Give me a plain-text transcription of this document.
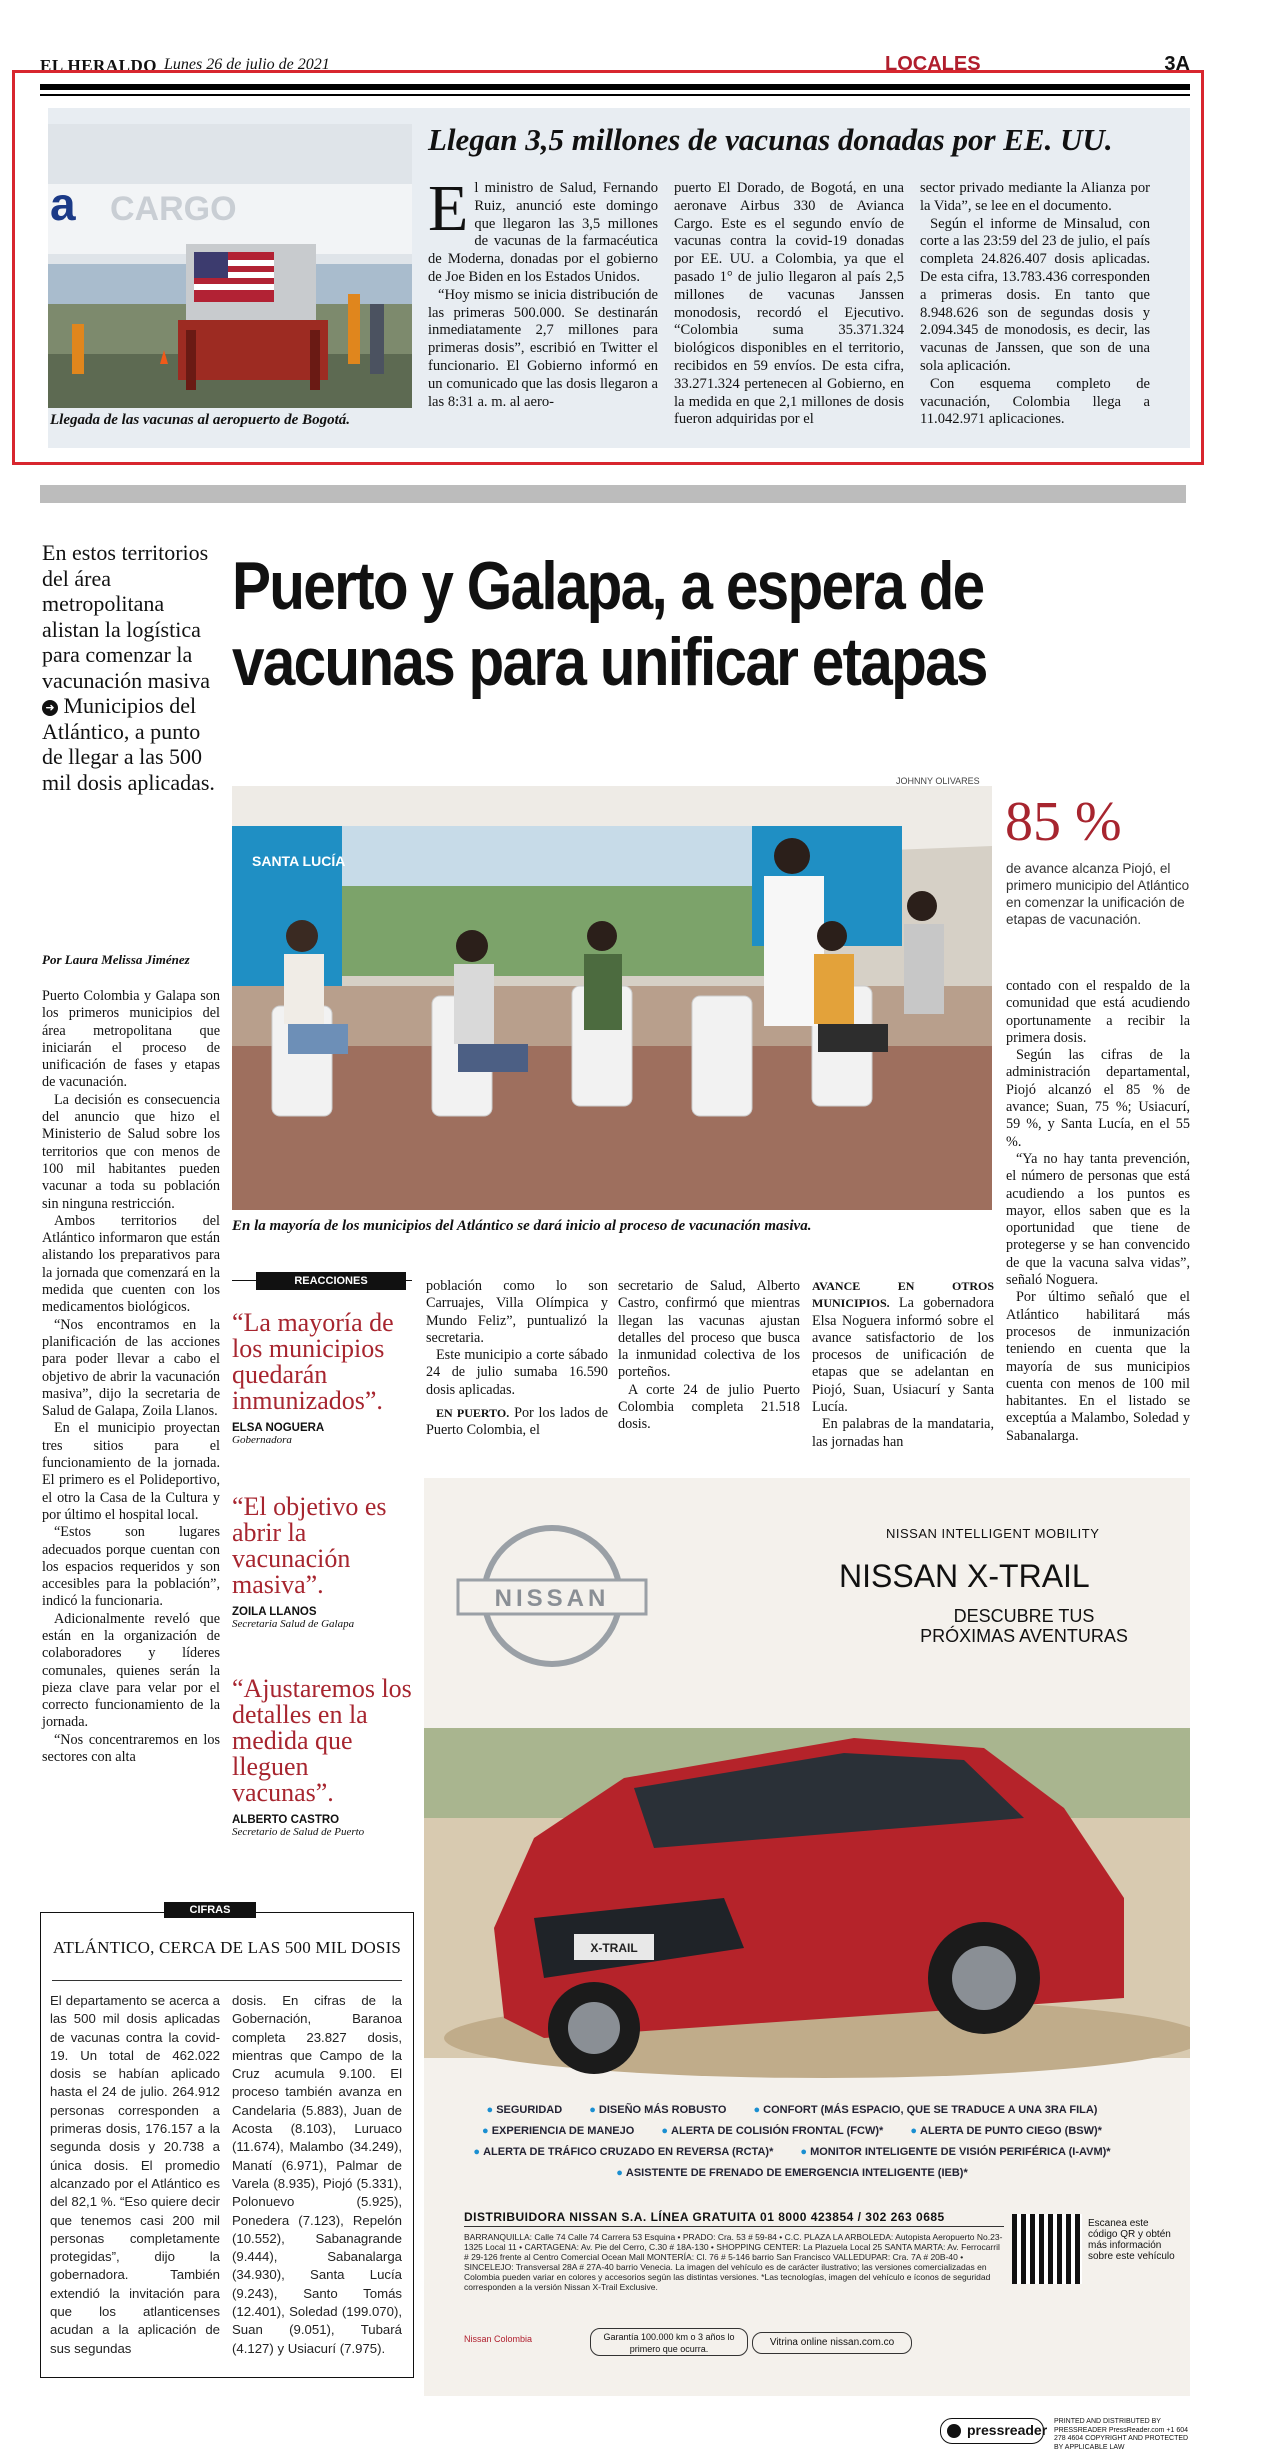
EL HERALDO Lunes 26 de julio de 2021	LOCALES	3A
a CARGO
Llegada de las vacunas al aeropuerto de Bogotá.
Llegan 3,5 millones de vacunas donadas por EE. UU.
E l ministro de Salud, Fernando Ruiz, anunció este domingo que llegaron las 3,5 millones de vacunas de la farmacéutica de Moderna, donadas por el gobierno de Joe Biden en los Estados Unidos.

“Hoy mismo se inicia distribución de las primeras 500.000. Se destinarán inmediatamente 2,7 millones para primeras dosis”, escribió en Twitter el funcionario. El Gobierno informó en un comunicado que las dosis llegaron a las 8:31 a. m. al aero-

puerto El Dorado, de Bogotá, en una aeronave Airbus 330 de Avianca Cargo. Este es el segundo envío de vacunas contra la covid-19 donadas por EE. UU. a Colombia, ya que el pasado 1° de julio llegaron al país 2,5 millones de vacunas Janssen monodosis, recordó el Ejecutivo. “Colombia suma 35.371.324 biológicos disponibles en el territorio, recibidos en 59 envíos. De esta cifra, 33.271.324 pertenecen al Gobierno, en la medida en que 2,1 millones de dosis fueron adquiridas por el

sector privado mediante la Alianza por la Vida”, se lee en el documento.

Según el informe de Minsalud, con corte a las 23:59 del 23 de julio, el país completa 24.826.407 dosis aplicadas. De esta cifra, 13.783.436 corresponden a primeras dosis. En tanto que 8.948.626 son de segundas dosis y 2.094.345 de monodosis, es decir, las vacunas de Janssen, que son de una sola aplicación.

Con esquema completo de vacunación, Colombia llega a 11.042.971 aplicaciones.

En estos territorios del área metropolitana alistan la logística para comenzar la vacunación masiva ➜ Municipios del Atlántico, a punto de llegar a las 500 mil dosis aplicadas.
Por Laura Melissa Jiménez

Puerto Colombia y Galapa son los primeros municipios del área metropolitana que iniciarán el proceso de unificación de fases y etapas de vacunación.

La decisión es consecuencia del anuncio que hizo el Ministerio de Salud sobre los territorios que con menos de 100 mil habitantes pueden vacunar a toda su población sin ninguna restricción.

Ambos territorios del Atlántico informaron que están alistando los preparativos para la jornada que comenzará en la medida que cuenten con los medicamentos biológicos.

“Nos encontramos en la planificación de las acciones para poder llevar a cabo el objetivo de abrir la vacunación masiva”, dijo la secretaria de Salud de Galapa, Zoila Llanos.

En el municipio proyectan tres sitios para el funcionamiento de la jornada. El primero es el Polideportivo, el otro la Casa de la Cultura y por último el hospital local.

“Estos son lugares adecuados porque cuentan con los espacios requeridos y son accesibles para la población”, indicó la funcionaria.

Adicionalmente reveló que están en la organización de colaboradores y líderes comunales, quienes serán la pieza clave para velar por el correcto funcionamiento de la jornada.

“Nos concentraremos en los sectores con alta

Puerto y Galapa, a espera de
vacunas para unificar etapas
JOHNNY OLIVARES
SANTA LUCÍA
En la mayoría de los municipios del Atlántico se dará inicio al proceso de vacunación masiva.
85 %
de avance alcanza Piojó, el primero municipio del Atlántico en comenzar la unificación de etapas de vacunación.

contado con el respaldo de la comunidad que está acudiendo oportunamente a recibir la primera dosis.

Según las cifras de la administración departamental, Piojó alcanzó el 85 % de avance; Suan, 75 %; Usiacurí, 59 %, y Santa Lucía, en el 55 %.

“Ya no hay tanta prevención, el número de personas que está acudiendo a los puntos es mayor, ellos saben que es la oportunidad que tiene de protegerse y se han convencido de que la vacuna salva vidas”, señaló Noguera.

Por último señaló que el Atlántico habilitará más procesos de inmunización teniendo en cuenta que la mayoría de sus municipios cuenta con menos de 100 mil habitantes. En el listado se exceptúa a Malambo, Soledad y Sabanalarga.

REACCIONES
“La mayoría de los municipios quedarán inmunizados”.
ELSA NOGUERA
Gobernadora
“El objetivo es abrir la vacunación masiva”.
ZOILA LLANOS
Secretaria Salud de Galapa
“Ajustaremos los detalles en la medida que lleguen vacunas”.
ALBERTO CASTRO
Secretario de Salud de Puerto

población como lo son Carruajes, Villa Olímpica y Mundo Feliz”, puntualizó la secretaria.

Este municipio a corte sábado 24 de julio sumaba 16.590 dosis aplicadas.

EN PUERTO. Por los lados de Puerto Colombia, el

secretario de Salud, Alberto Castro, confirmó que mientras llegan las vacunas ajustan detalles del proceso que busca la inmunidad colectiva de los porteños.

A corte 24 de julio Puerto Colombia completa 21.518 dosis.

AVANCE EN OTROS MUNICIPIOS. La gobernadora Elsa Noguera informó sobre el avance satisfactorio de los procesos de unificación de etapas que se adelantan en Piojó, Suan, Usiacurí y Santa Lucía.

En palabras de la mandataria, las jornadas han

NISSAN
X-TRAIL
NISSAN INTELLIGENT MOBILITY
NISSAN X-TRAIL
DESCUBRE TUS PRÓXIMAS AVENTURAS
● SEGURIDAD ● DISEÑO MÁS ROBUSTO ● CONFORT (MÁS ESPACIO, QUE SE TRADUCE A UNA 3RA FILA)
● EXPERIENCIA DE MANEJO ● ALERTA DE COLISIÓN FRONTAL (FCW)* ● ALERTA DE PUNTO CIEGO (BSW)*
● ALERTA DE TRÁFICO CRUZADO EN REVERSA (RCTA)* ● MONITOR INTELIGENTE DE VISIÓN PERIFÉRICA (I-AVM)*
● ASISTENTE DE FRENADO DE EMERGENCIA INTELIGENTE (IEB)*
DISTRIBUIDORA NISSAN S.A. LÍNEA GRATUITA 01 8000 423854 / 302 263 0685
BARRANQUILLA: Calle 74 Calle 74 Carrera 53 Esquina • PRADO: Cra. 53 # 59-84 • C.C. PLAZA LA ARBOLEDA: Autopista Aeropuerto No.23-1325 Local 11 • CARTAGENA: Av. Pie del Cerro, C.30 # 18A-130 • SHOPPING CENTER: La Plazuela Local 25 SANTA MARTA: Av. Ferrocarril # 29-126 frente al Centro Comercial Ocean Mall MONTERÍA: Cl. 76 # 5-146 barrio San Francisco VALLEDUPAR: Cra. 7A # 20B-40 • SINCELEJO: Transversal 28A # 27A-40 barrio Venecia. La imagen del vehículo es de carácter ilustrativo; las versiones comercializadas en Colombia pueden variar en colores y accesorios según las distintas versiones. *Las tecnologías, imagen del vehículo e íconos de seguridad corresponden a la versión Nissan X-Trail Exclusive.
Escanea este código QR y obtén más información sobre este vehículo
Nissan Colombia	Garantía 100.000 km o 3 años lo primero que ocurra.
Vitrina online nissan.com.co
CIFRAS
ATLÁNTICO, CERCA DE LAS 500 MIL DOSIS
El departamento se acerca a las 500 mil dosis aplicadas de vacunas contra la covid-19. Un total de 462.022 dosis se habían aplicado hasta el 24 de julio. 264.912 personas corresponden a primeras dosis, 176.157 a la segunda dosis y 20.738 a única dosis. El promedio alcanzado por el Atlántico es del 82,1 %. “Eso quiere decir que tenemos casi 200 mil personas completamente protegidas”, dijo la gobernadora. También extendió la invitación para que los atlanticenses acudan a la aplicación de sus segundas
dosis. En cifras de la Gobernación, Baranoa completa 23.827 dosis, mientras que Campo de la Cruz acumula 9.100. El proceso también avanza en Candelaria (5.883), Juan de Acosta (8.103), Luruaco (11.674), Malambo (34.249), Manatí (6.971), Palmar de Varela (8.935), Piojó (5.331), Polonuevo (5.925), Ponedera (7.123), Repelón (10.552), Sabanagrande (9.444), Sabanalarga (34.930), Santa Lucía (9.243), Santo Tomás (12.401), Soledad (199.070), Suan (9.051), Tubará (4.127) y Usiacurí (7.975).
pressreader
PRINTED AND DISTRIBUTED BY PRESSREADER PressReader.com +1 604 278 4604 COPYRIGHT AND PROTECTED BY APPLICABLE LAW
